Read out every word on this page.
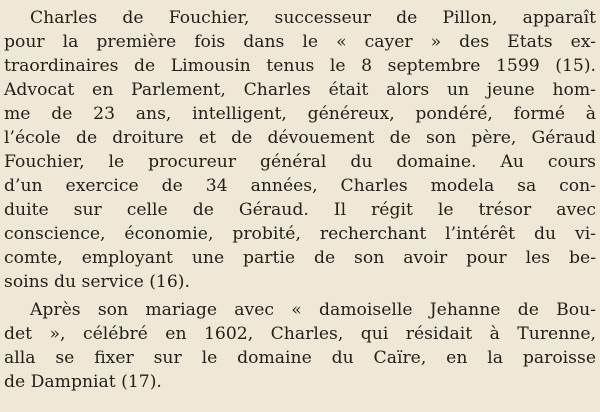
Charles de Fouchier, successeur de Pillon, apparaît
pour la première fois dans le « cayer » des Etats ex-
traordinaires de Limousin tenus le 8 septembre 1599 (15).
Advocat en Parlement, Charles était alors un jeune hom-
me de 23 ans, intelligent, généreux, pondéré, formé à
l’école de droiture et de dévouement de son père, Géraud
Fouchier, le procureur général du domaine. Au cours
d’un exercice de 34 années, Charles modela sa con-
duite sur celle de Géraud. Il régit le trésor avec
conscience, économie, probité, recherchant l’intérêt du vi-
comte, employant une partie de son avoir pour les be-
soins du service (16).
Après son mariage avec « damoiselle Jehanne de Bou-
det », célébré en 1602, Charles, qui résidait à Turenne,
alla se fixer sur le domaine du Caïre, en la paroisse
de Dampniat (17).
